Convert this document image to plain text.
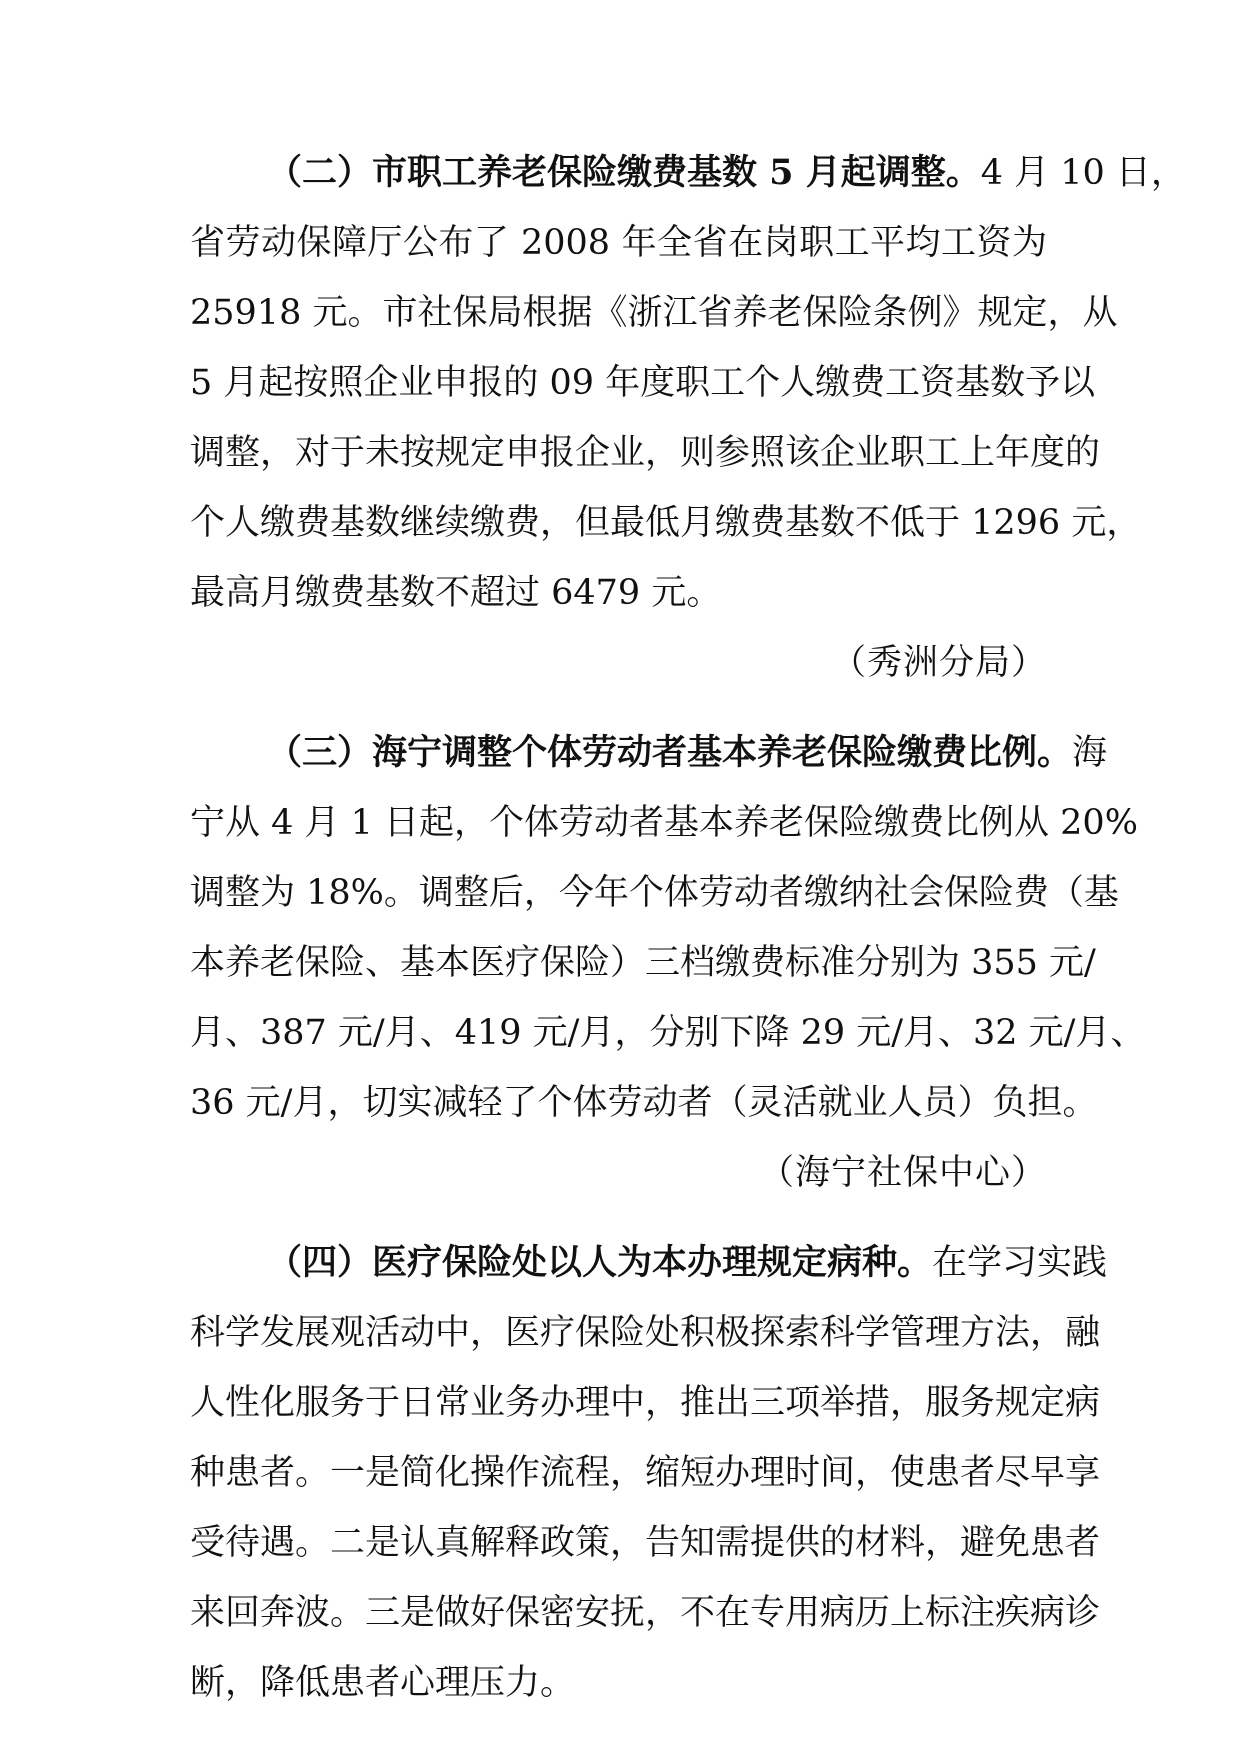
（二）市职工养老保险缴费基数 5 月起调整。4 月 10 日，
省劳动保障厅公布了 2008 年全省在岗职工平均工资为
25918 元。市社保局根据《浙江省养老保险条例》规定，从
5 月起按照企业申报的 09 年度职工个人缴费工资基数予以
调整，对于未按规定申报企业，则参照该企业职工上年度的
个人缴费基数继续缴费，但最低月缴费基数不低于 1296 元，
最高月缴费基数不超过 6479 元。
（秀洲分局）
（三）海宁调整个体劳动者基本养老保险缴费比例。海
宁从 4 月 1 日起，个体劳动者基本养老保险缴费比例从 20%
调整为 18%。调整后，今年个体劳动者缴纳社会保险费（基
本养老保险、基本医疗保险）三档缴费标准分别为 355 元/
月、387 元/月、419 元/月，分别下降 29 元/月、32 元/月、
36 元/月，切实减轻了个体劳动者（灵活就业人员）负担。
（海宁社保中心）
（四）医疗保险处以人为本办理规定病种。在学习实践
科学发展观活动中，医疗保险处积极探索科学管理方法，融
人性化服务于日常业务办理中，推出三项举措，服务规定病
种患者。一是简化操作流程，缩短办理时间，使患者尽早享
受待遇。二是认真解释政策，告知需提供的材料，避免患者
来回奔波。三是做好保密安抚，不在专用病历上标注疾病诊
断，降低患者心理压力。
